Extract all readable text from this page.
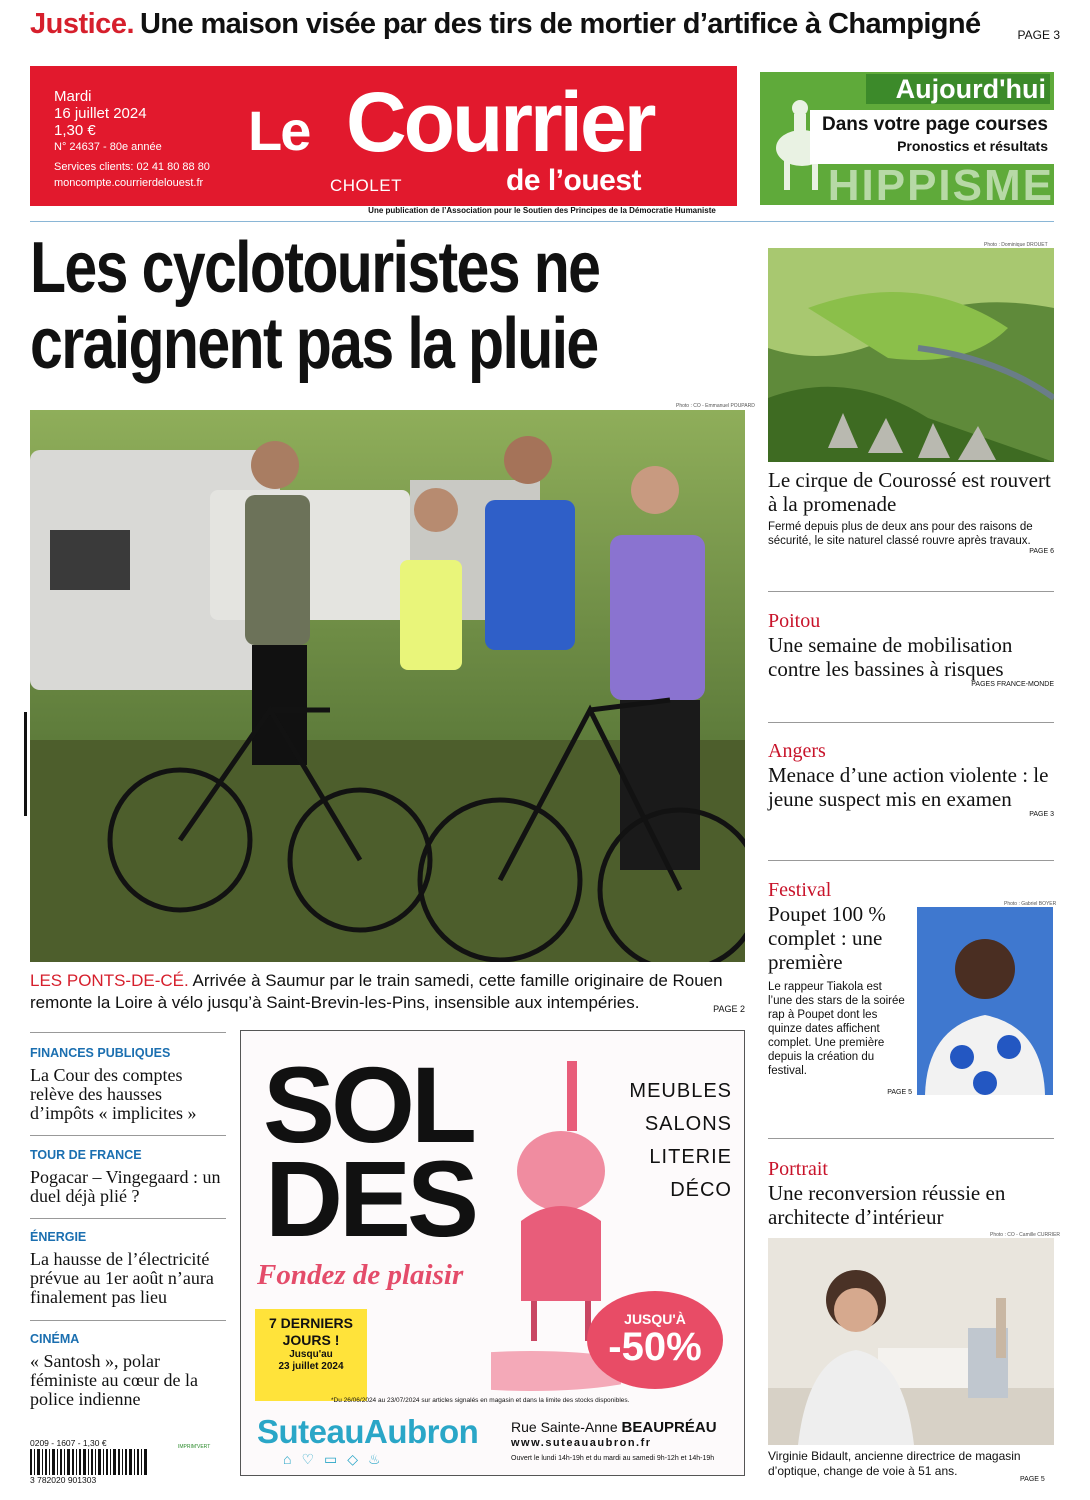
Justice. Une maison visée par des tirs de mortier d’artifice à Champigné	PAGE 3
Mardi
16 juillet 2024
1,30 €
N° 24637 - 80e année
Services clients: 02 41 80 88 80
moncompte.courrierdelouest.fr
Le Courrier
CHOLET	de l’ouest
Aujourd'hui
Dans votre page courses
Pronostics et résultats
HIPPISME
Une publication de l’Association pour le Soutien des Principes de la Démocratie Humaniste
Les cyclotouristes ne
craignent pas la pluie
Photo : CO - Emmanuel POUPARD
LES PONTS-DE-CÉ. Arrivée à Saumur par le train samedi, cette famille originaire de Rouen remonte la Loire à vélo jusqu’à Saint-Brevin-les-Pins, insensible aux intempéries.	PAGE 2
Photo : Dominique DROUET
Le cirque de Courossé est rouvert à la promenade
Fermé depuis plus de deux ans pour des raisons de sécurité, le site naturel classé rouvre après travaux.
PAGE 6
Poitou
Une semaine de mobilisation contre les bassines à risques
PAGES FRANCE-MONDE
Angers
Menace d’une action violente : le jeune suspect mis en examen
PAGE 3
Festival
Poupet 100 % complet : une première
Le rappeur Tiakola est l’une des stars de la soirée rap à Poupet dont les quinze dates affichent complet. Une première depuis la création du festival.
Photo : Gabriel BOYER
PAGE 5
Portrait
Une reconversion réussie en architecte d’intérieur
Photo : CO - Camille CURRIER
Virginie Bidault, ancienne directrice de magasin d’optique, change de voie à 51 ans.
PAGE 5
FINANCES PUBLIQUES
La Cour des comptes relève des hausses d’impôts « implicites »
TOUR DE FRANCE
Pogacar – Vingegaard : un duel déjà plié ?
ÉNERGIE
La hausse de l’électricité prévue au 1er août n’aura finalement pas lieu
CINÉMA
« Santosh », polar féministe au cœur de la police indienne
0209 - 1607 - 1,30 €
3 782020 901303
IMPRIM'VERT
SOL
DES
MEUBLES
SALONS
LITERIE
DÉCO
Fondez de plaisir
7 DERNIERS
JOURS !
Jusqu'au
23 juillet 2024
JUSQU'À
-50%
*Du 26/06/2024 au 23/07/2024 sur articles signalés en magasin et dans la limite des stocks disponibles.
SuteauAubron Rue Sainte-Anne BEAUPRÉAU
www.suteauaubron.fr
⌂♡▭◇♨	Ouvert le lundi 14h-19h et du mardi au samedi 9h-12h et 14h-19h
